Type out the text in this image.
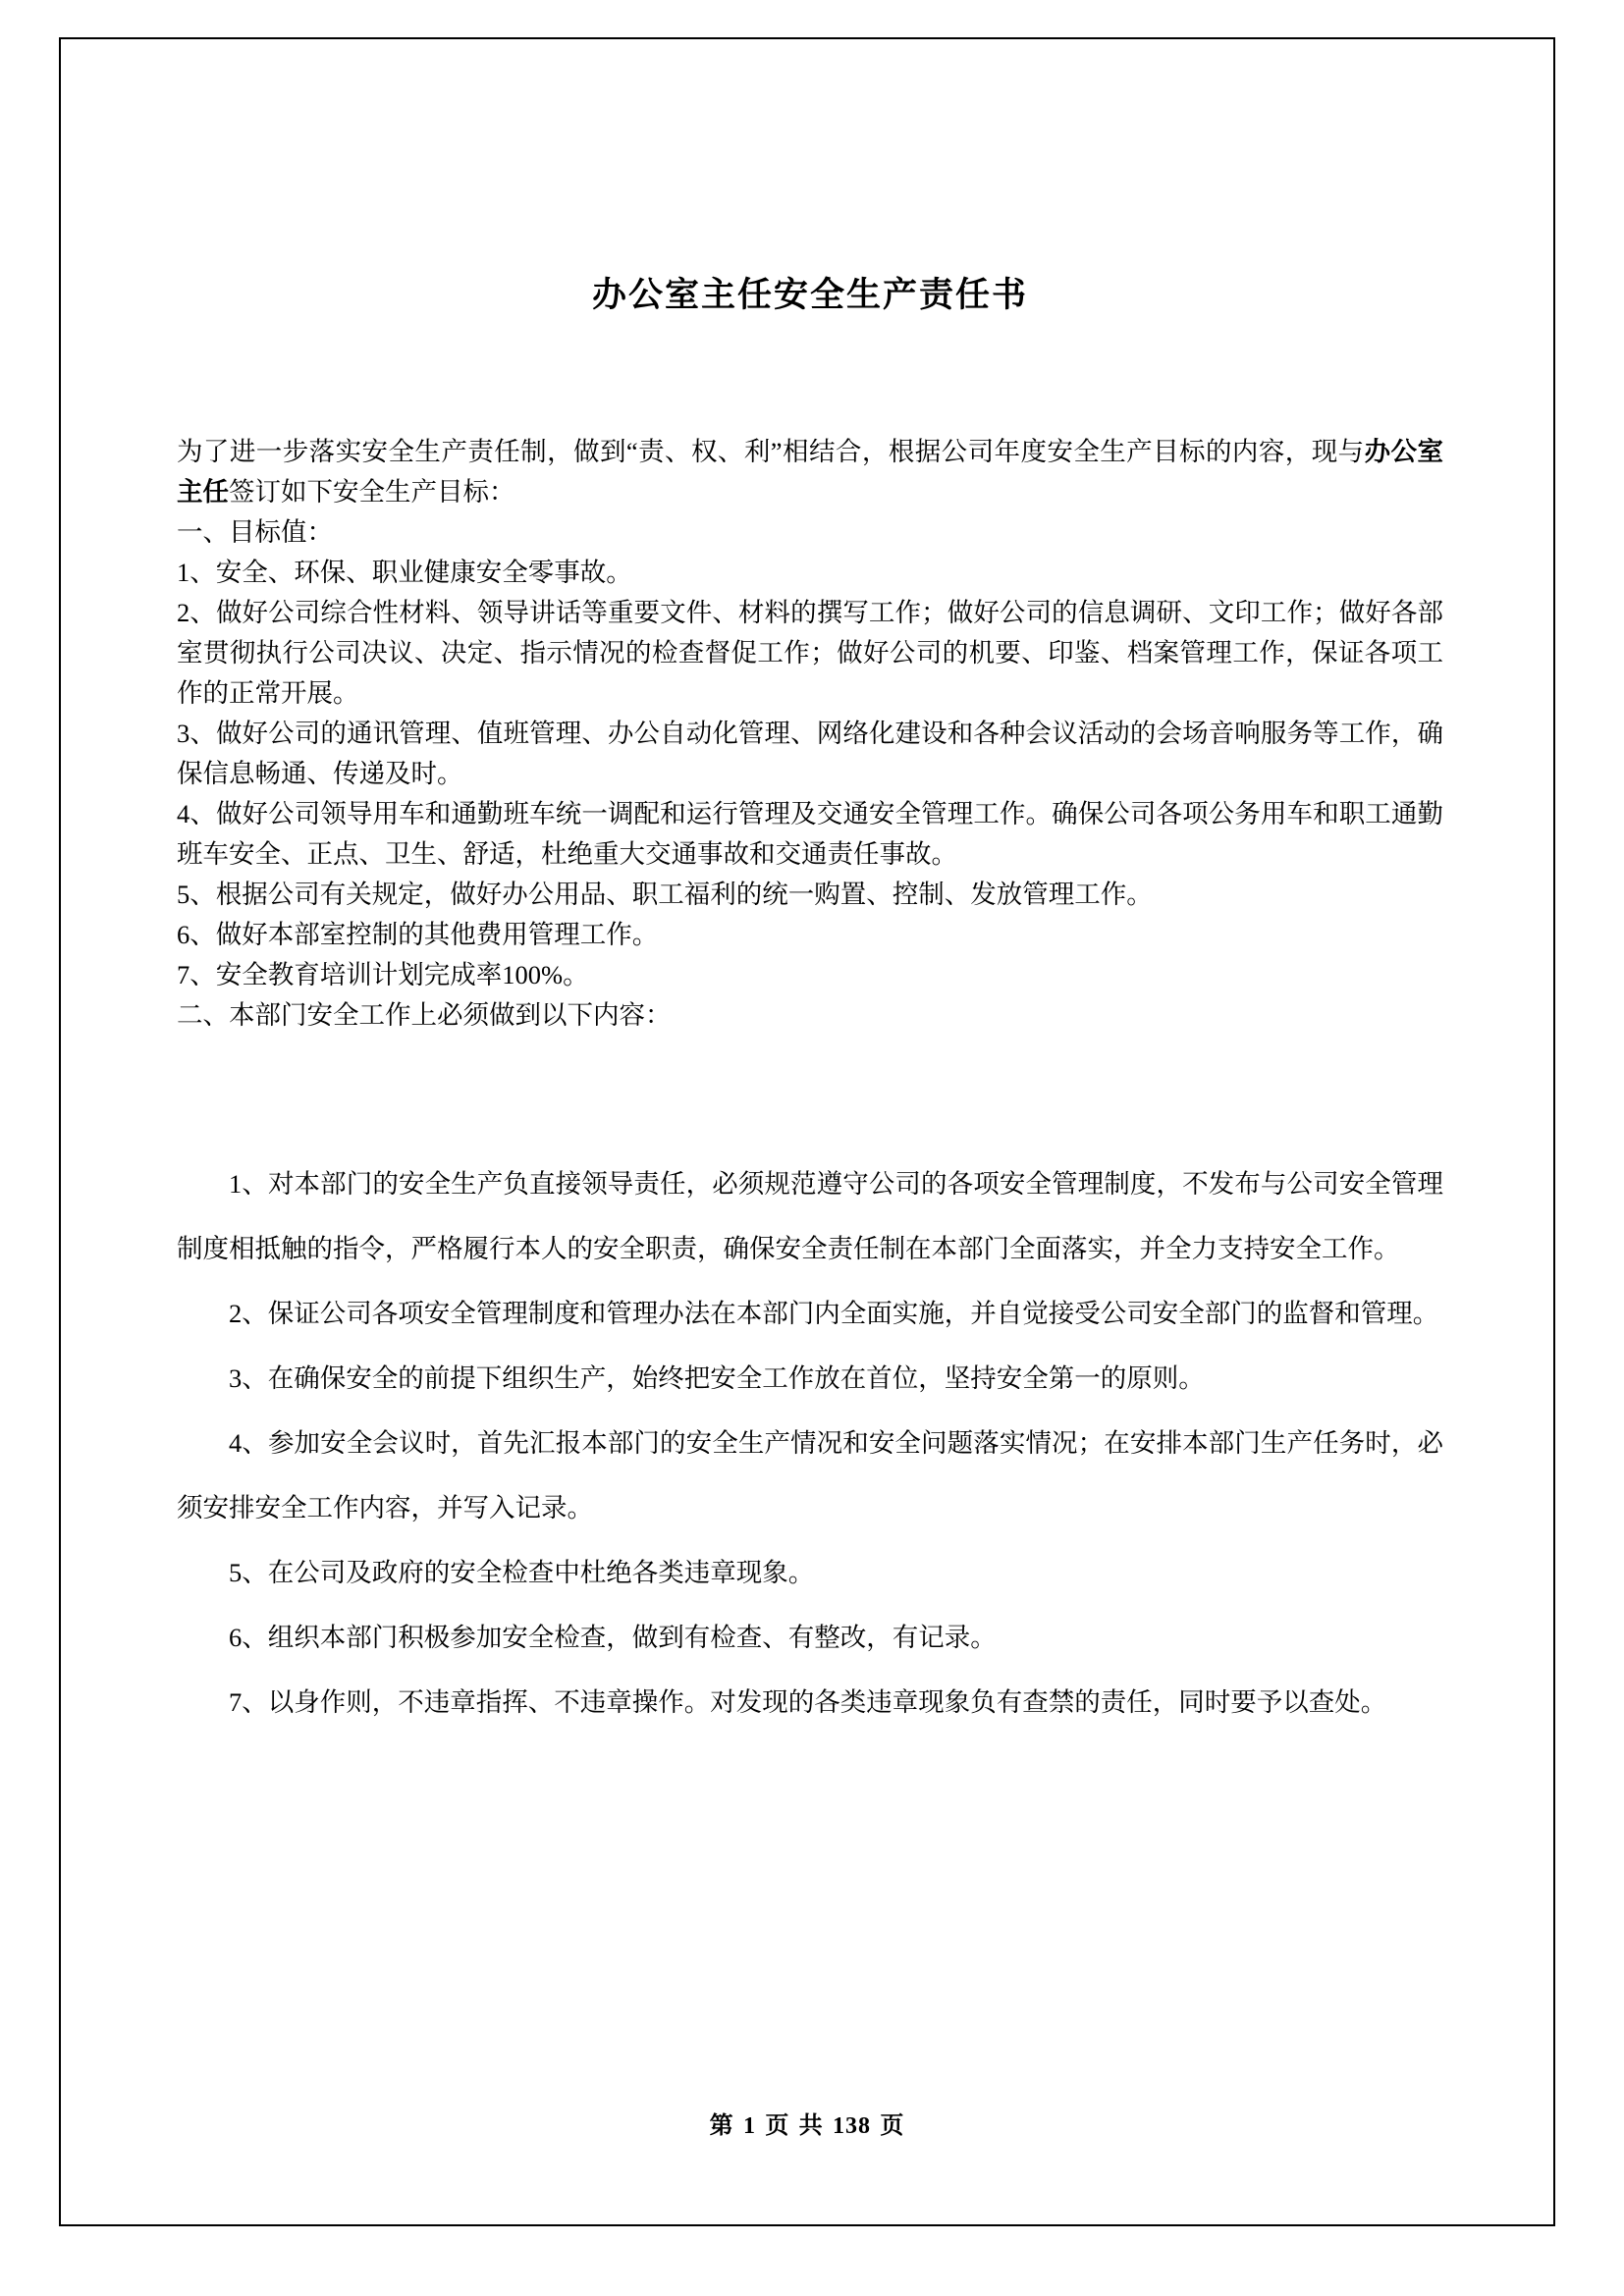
办公室主任安全生产责任书

为了进一步落实安全生产责任制，做到“责、权、利”相结合，根据公司年度安全生产目标的内容，现与办公室主任签订如下安全生产目标：

一、目标值：

1、安全、环保、职业健康安全零事故。

2、做好公司综合性材料、领导讲话等重要文件、材料的撰写工作；做好公司的信息调研、文印工作；做好各部室贯彻执行公司决议、决定、指示情况的检查督促工作；做好公司的机要、印鉴、档案管理工作，保证各项工作的正常开展。

3、做好公司的通讯管理、值班管理、办公自动化管理、网络化建设和各种会议活动的会场音响服务等工作，确保信息畅通、传递及时。

4、做好公司领导用车和通勤班车统一调配和运行管理及交通安全管理工作。确保公司各项公务用车和职工通勤班车安全、正点、卫生、舒适，杜绝重大交通事故和交通责任事故。

5、根据公司有关规定，做好办公用品、职工福利的统一购置、控制、发放管理工作。

6、做好本部室控制的其他费用管理工作。

7、安全教育培训计划完成率100%。

二、本部门安全工作上必须做到以下内容：

1、对本部门的安全生产负直接领导责任，必须规范遵守公司的各项安全管理制度，不发布与公司安全管理制度相抵触的指令，严格履行本人的安全职责，确保安全责任制在本部门全面落实，并全力支持安全工作。

2、保证公司各项安全管理制度和管理办法在本部门内全面实施，并自觉接受公司安全部门的监督和管理。

3、在确保安全的前提下组织生产，始终把安全工作放在首位，坚持安全第一的原则。

4、参加安全会议时，首先汇报本部门的安全生产情况和安全问题落实情况；在安排本部门生产任务时，必须安排安全工作内容，并写入记录。

5、在公司及政府的安全检查中杜绝各类违章现象。

6、组织本部门积极参加安全检查，做到有检查、有整改，有记录。

7、以身作则，不违章指挥、不违章操作。对发现的各类违章现象负有查禁的责任，同时要予以查处。

第 1 页 共 138 页
